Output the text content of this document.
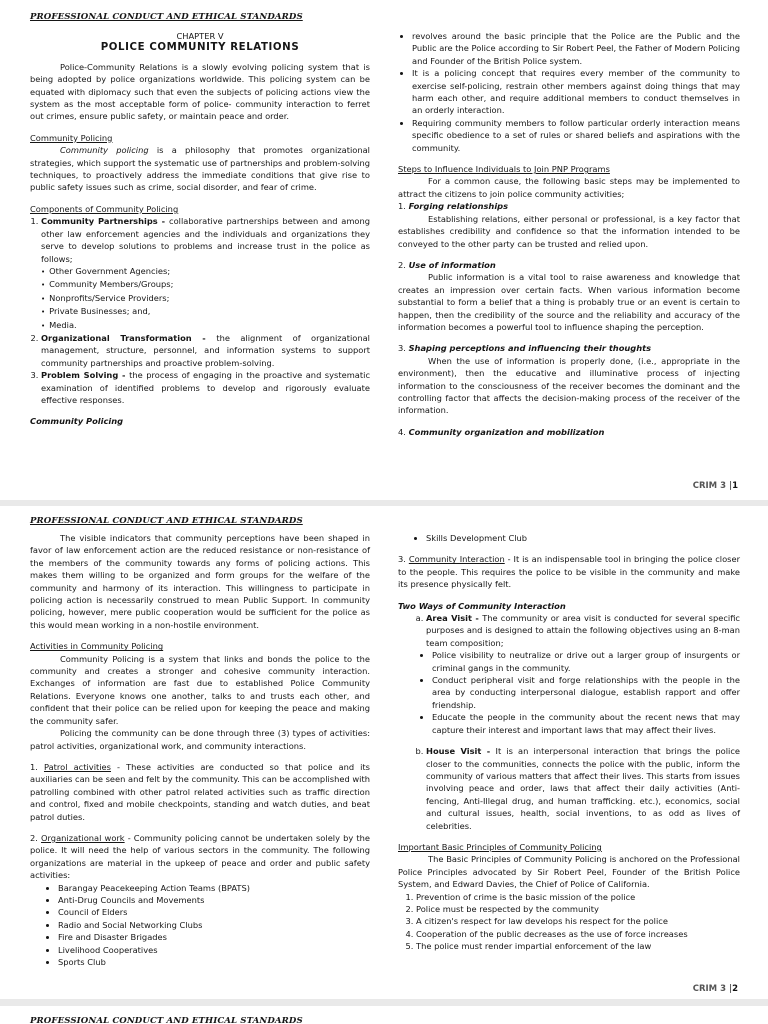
PROFESSIONAL CONDUCT AND ETHICAL STANDARDS

CHAPTER V

POLICE COMMUNITY RELATIONS

Police-Community Relations is a slowly evolving policing system that is being adopted by police organizations worldwide. This policing system can be equated with diplomacy such that even the subjects of policing actions view the system as the most acceptable form of police- community interaction to ferret out crimes, ensure public safety, or maintain peace and order.

Community Policing

Community policing is a philosophy that promotes organizational strategies, which support the systematic use of partnerships and problem-solving techniques, to proactively address the immediate conditions that give rise to public safety issues such as crime, social disorder, and fear of crime.

Components of Community Policing

1. Community Partnerships - collaborative partnerships between and among other law enforcement agencies and the individuals and organizations they serve to develop solutions to problems and increase trust in the police as follows;
• Other Government Agencies;
• Community Members/Groups;
• Nonprofits/Service Providers;
• Private Businesses; and,
• Media.
2. Organizational Transformation - the alignment of organizational management, structure, personnel, and information systems to support community partnerships and proactive problem-solving.
3. Problem Solving - the process of engaging in the proactive and systematic examination of identified problems to develop and rigorously evaluate effective responses.

Community Policing

• revolves around the basic principle that the Police are the Public and the Public are the Police according to Sir Robert Peel, the Father of Modern Policing and Founder of the British Police system.
• It is a policing concept that requires every member of the community to exercise self-policing, restrain other members against doing things that may harm each other, and require additional members to conduct themselves in an orderly interaction.
• Requiring community members to follow particular orderly interaction means specific obedience to a set of rules or shared beliefs and aspirations with the community.

Steps to Influence Individuals to Join PNP Programs

For a common cause, the following basic steps may be implemented to attract the citizens to join police community activities;

1. Forging relationships

Establishing relations, either personal or professional, is a key factor that establishes credibility and confidence so that the information intended to be conveyed to the other party can be trusted and relied upon.

2. Use of information

Public information is a vital tool to raise awareness and knowledge that creates an impression over certain facts. When various information become substantial to form a belief that a thing is probably true or an event is certain to happen, then the credibility of the source and the reliability and accuracy of the information becomes a powerful tool to influence shaping the perception.

3. Shaping perceptions and influencing their thoughts

When the use of information is properly done, (i.e., appropriate in the environment), then the educative and illuminative process of injecting information to the consciousness of the receiver becomes the dominant and the controlling factor that affects the decision-making process of the receiver of the information.

4. Community organization and mobilization

CRIM 3 |1
PROFESSIONAL CONDUCT AND ETHICAL STANDARDS

The visible indicators that community perceptions have been shaped in favor of law enforcement action are the reduced resistance or non-resistance of the members of the community towards any forms of policing actions. This makes them willing to be organized and form groups for the welfare of the community and harmony of its interaction. This willingness to participate in policing action is necessarily construed to mean Public Support. In community policing, however, mere public cooperation would be sufficient for the police as this would mean working in a non-hostile environment.

Activities in Community Policing

Community Policing is a system that links and bonds the police to the community and creates a stronger and cohesive community interaction. Exchanges of information are fast due to established Police Community Relations. Everyone knows one another, talks to and trusts each other, and confident that their police can be relied upon for keeping the peace and making the community safer.

Policing the community can be done through three (3) types of activities: patrol activities, organizational work, and community interactions.

1. Patrol activities - These activities are conducted so that police and its auxiliaries can be seen and felt by the community. This can be accomplished with patrolling combined with other patrol related activities such as traffic direction and control, fixed and mobile checkpoints, standing and watch duties, and beat patrol duties.

2. Organizational work - Community policing cannot be undertaken solely by the police. It will need the help of various sectors in the community. The following organizations are material in the upkeep of peace and order and public safety activities:

• Barangay Peacekeeping Action Teams (BPATS)
• Anti-Drug Councils and Movements
• Council of Elders
• Radio and Social Networking Clubs
• Fire and Disaster Brigades
• Livelihood Cooperatives
• Sports Club
• Skills Development Club

3. Community Interaction - It is an indispensable tool in bringing the police closer to the people. This requires the police to be visible in the community and make its presence physically felt.

Two Ways of Community Interaction

a. Area Visit - The community or area visit is conducted for several specific purposes and is designed to attain the following objectives using an 8-man team composition;
• Police visibility to neutralize or drive out a larger group of insurgents or criminal gangs in the community.
• Conduct peripheral visit and forge relationships with the people in the area by conducting interpersonal dialogue, establish rapport and offer friendship.
• Educate the people in the community about the recent news that may capture their interest and important laws that may affect their lives.
b. House Visit - It is an interpersonal interaction that brings the police closer to the communities, connects the police with the public, inform the community of various matters that affect their lives. This starts from issues involving peace and order, laws that affect their daily activities (Anti-fencing, Anti-Illegal drug, and human trafficking. etc.), economics, social and cultural issues, health, social inventions, to as odd as lives of celebrities.

Important Basic Principles of Community Policing

The Basic Principles of Community Policing is anchored on the Professional Police Principles advocated by Sir Robert Peel, Founder of the British Police System, and Edward Davies, the Chief of Police of California.

1. Prevention of crime is the basic mission of the police
2. Police must be respected by the community
3. A citizen's respect for law develops his respect for the police
4. Cooperation of the public decreases as the use of force increases
5. The police must render impartial enforcement of the law
CRIM 3 |2
PROFESSIONAL CONDUCT AND ETHICAL STANDARDS
